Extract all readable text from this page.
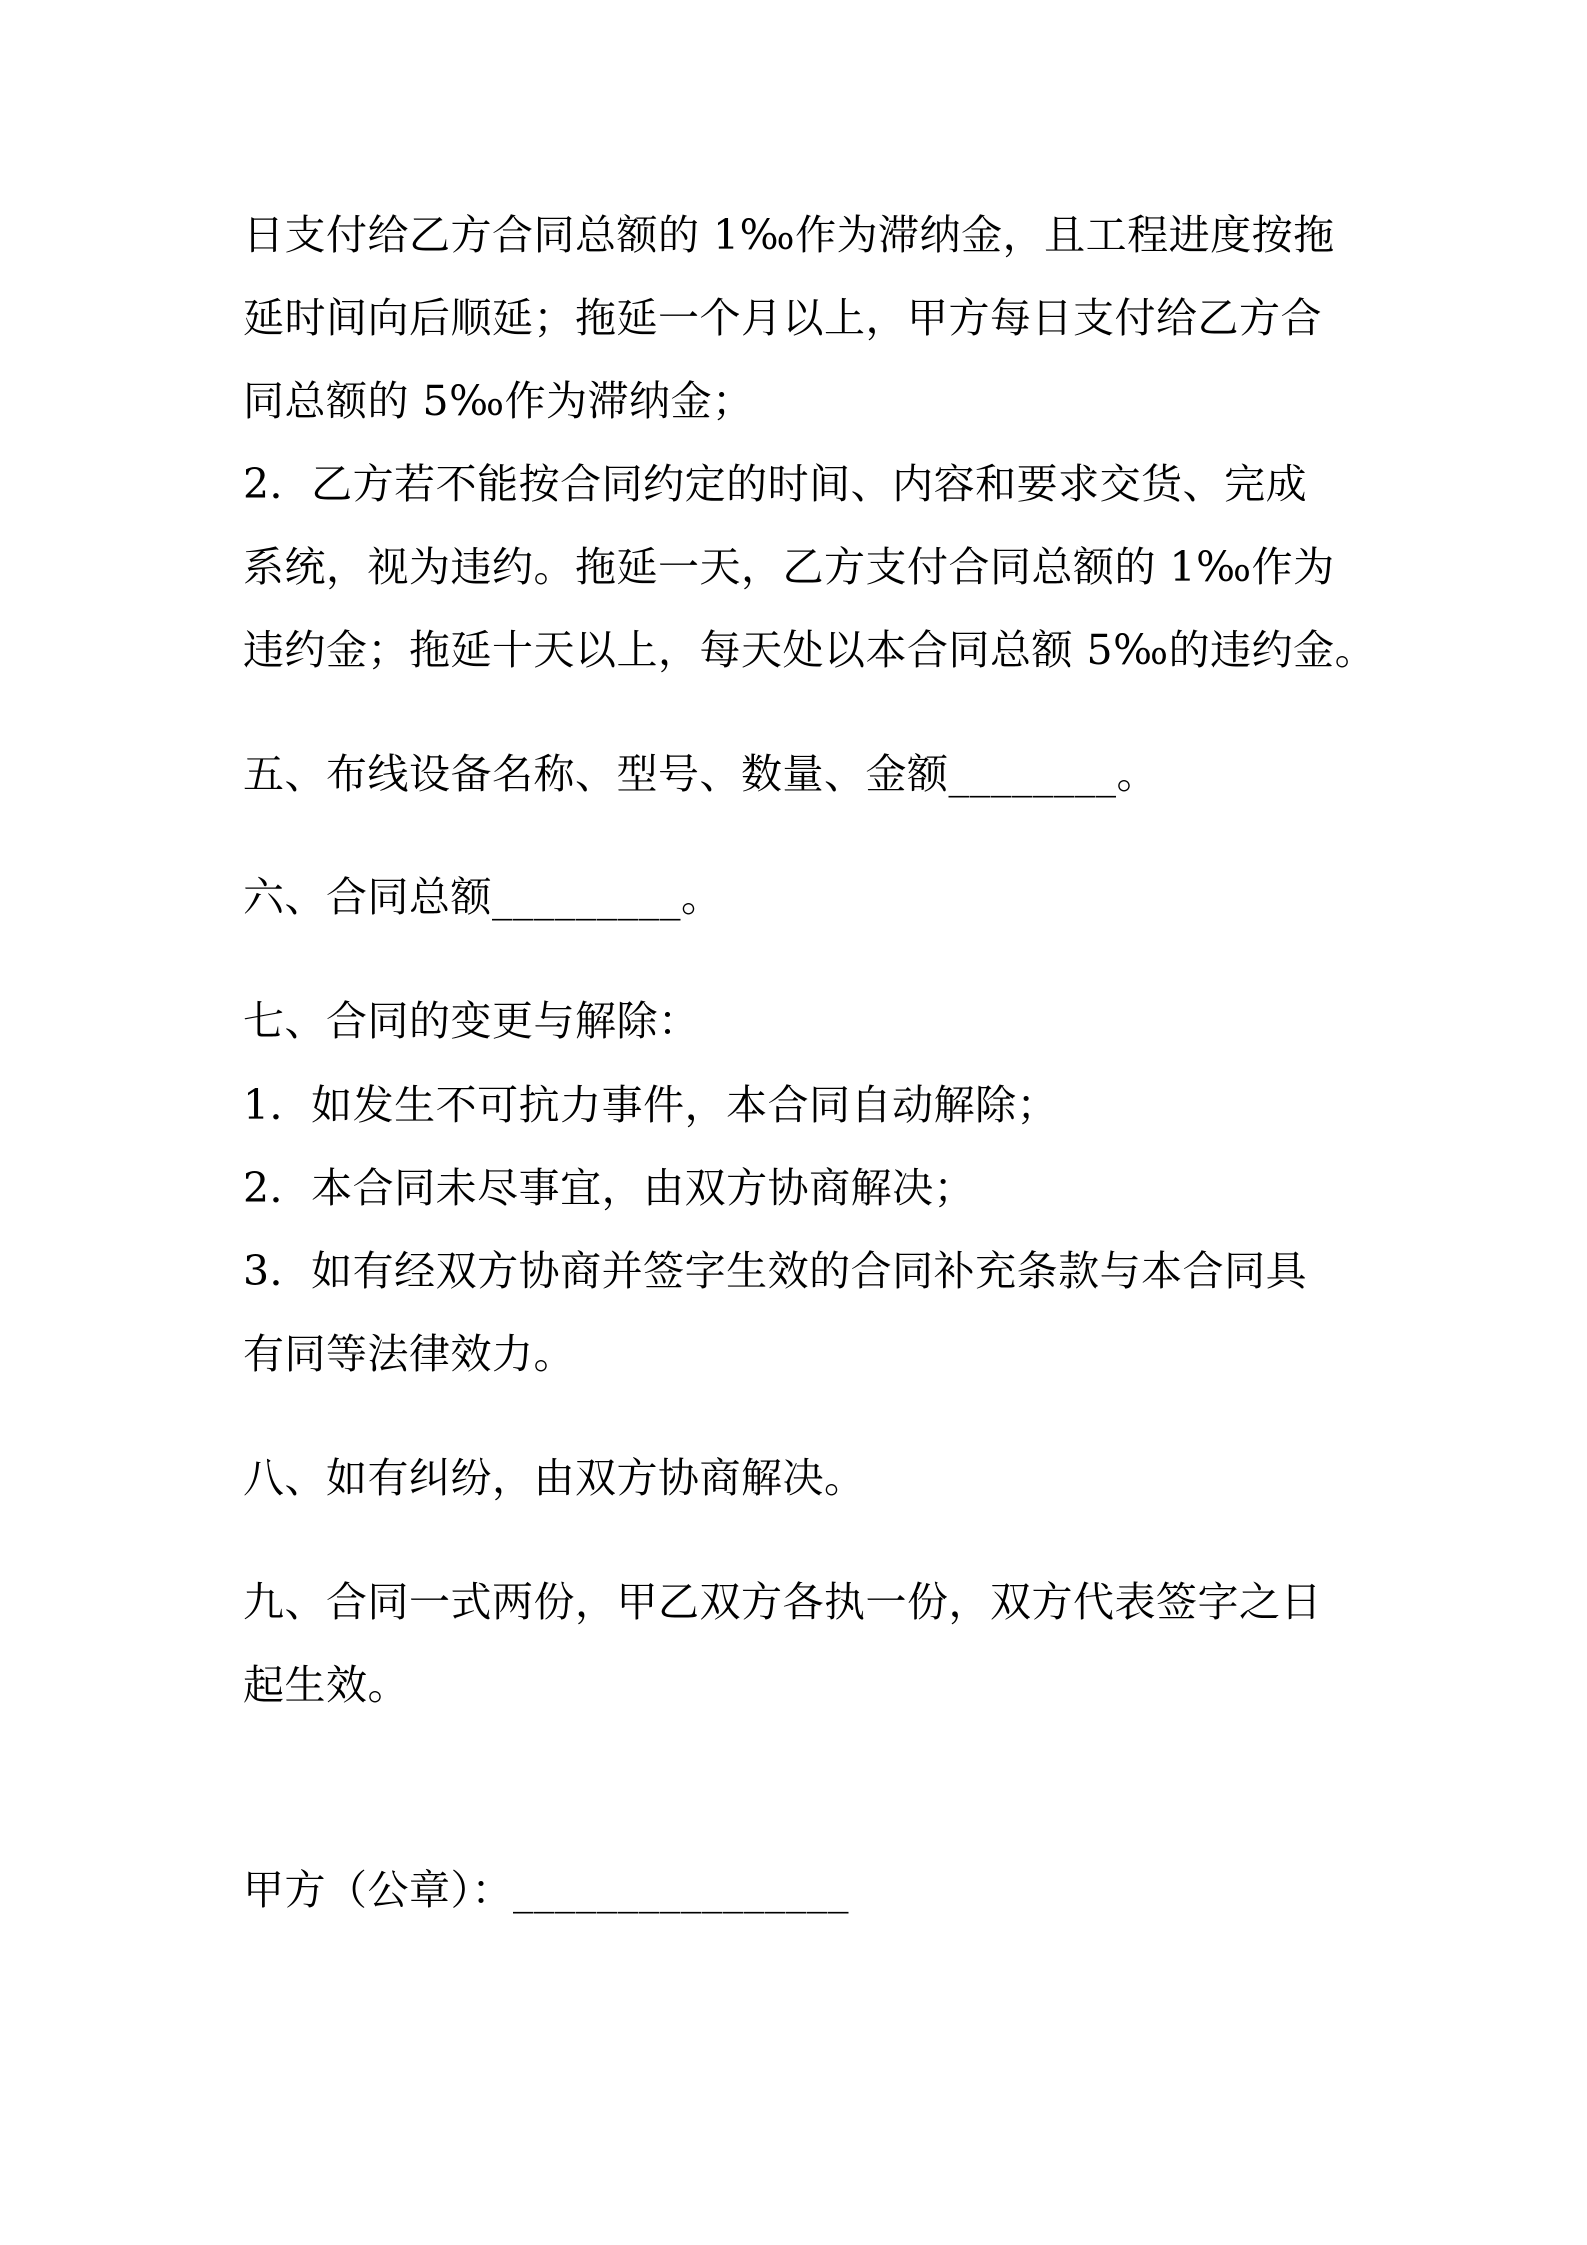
日支付给乙方合同总额的 1‰作为滞纳金，且工程进度按拖
延时间向后顺延；拖延一个月以上，甲方每日支付给乙方合
同总额的 5‰作为滞纳金；
2．乙方若不能按合同约定的时间、内容和要求交货、完成
系统，视为违约。拖延一天，乙方支付合同总额的 1‰作为
违约金；拖延十天以上，每天处以本合同总额 5‰的违约金。
五、布线设备名称、型号、数量、金额________。
六、合同总额_________。
七、合同的变更与解除：
1．如发生不可抗力事件，本合同自动解除；
2．本合同未尽事宜，由双方协商解决；
3．如有经双方协商并签字生效的合同补充条款与本合同具
有同等法律效力。
八、如有纠纷，由双方协商解决。
九、合同一式两份，甲乙双方各执一份，双方代表签字之日
起生效。
甲方（公章）：________________
